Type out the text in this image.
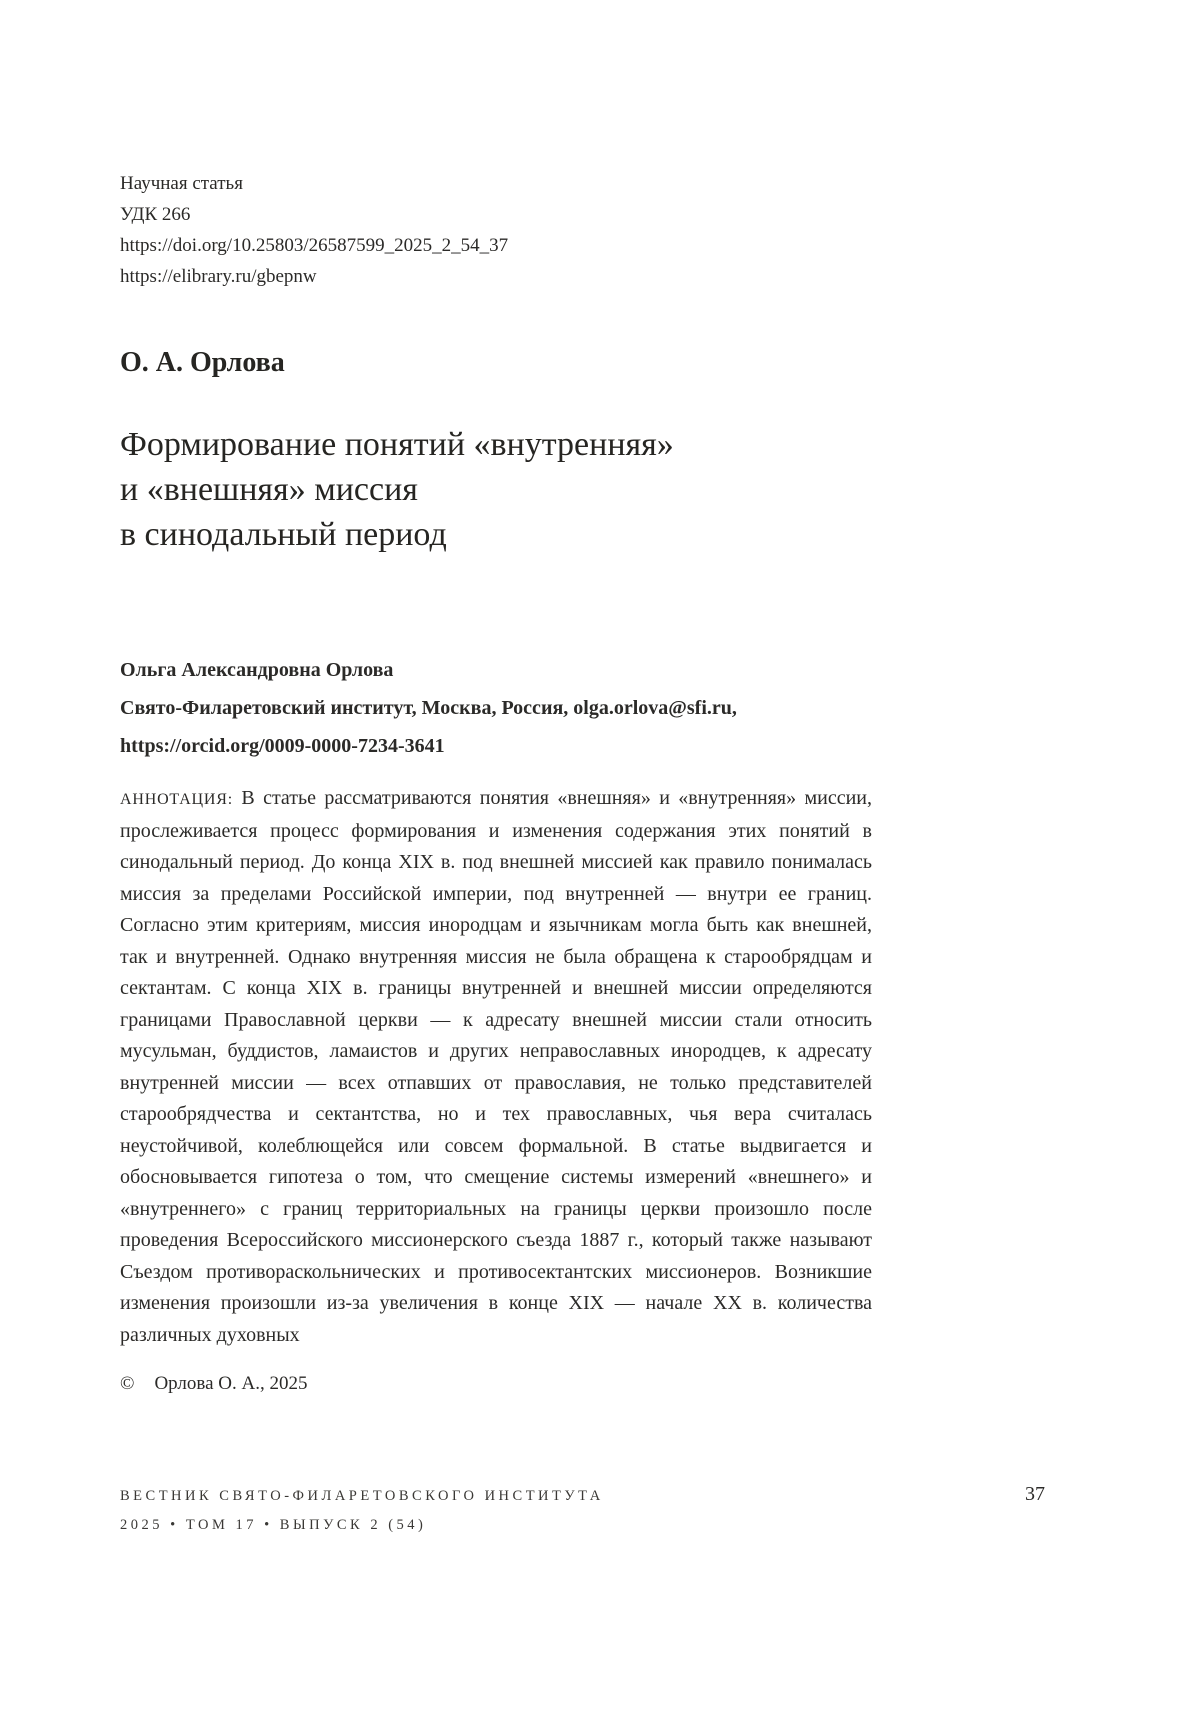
Научная статья
УДК 266
https://doi.org/10.25803/26587599_2025_2_54_37
https://elibrary.ru/gbepnw
О. А. Орлова
Формирование понятий «внутренняя»
и «внешняя» миссия
в синодальный период
Ольга Александровна Орлова
Свято-Филаретовский институт, Москва, Россия, olga.orlova@sfi.ru,
https://orcid.org/0009-0000-7234-3641

АННОТАЦИЯ: В статье рассматриваются понятия «внешняя» и «внутренняя» миссии, прослеживается процесс формирования и изменения содержания этих понятий в синодальный период. До конца XIX в. под внешней миссией как правило понималась миссия за пределами Российской империи, под внутренней — внутри ее границ. Согласно этим критериям, миссия инородцам и язычникам могла быть как внешней, так и внутренней. Однако внутренняя миссия не была обращена к старообрядцам и сектантам. С конца XIX в. границы внутренней и внешней миссии определяются границами Православной церкви — к адресату внешней миссии стали относить мусульман, буддистов, ламаистов и других неправославных инородцев, к адресату внутренней миссии — всех отпавших от православия, не только представителей старообрядчества и сектантства, но и тех православных, чья вера считалась неустойчивой, колеблющейся или совсем формальной. В статье выдвигается и обосновывается гипотеза о том, что смещение системы измерений «внешнего» и «внутреннего» с границ территориальных на границы церкви произошло после проведения Всероссийского миссионерского съезда 1887 г., который также называют Съездом противораскольнических и противосектантских миссионеров. Возникшие изменения произошли из-за увеличения в конце XIX — начале XX в. количества различных духовных

© Орлова О. А., 2025
ВЕСТНИК СВЯТО-ФИЛАРЕТОВСКОГО ИНСТИТУТА
2025 • ТОМ 17 • ВЫПУСК 2 (54)
37
